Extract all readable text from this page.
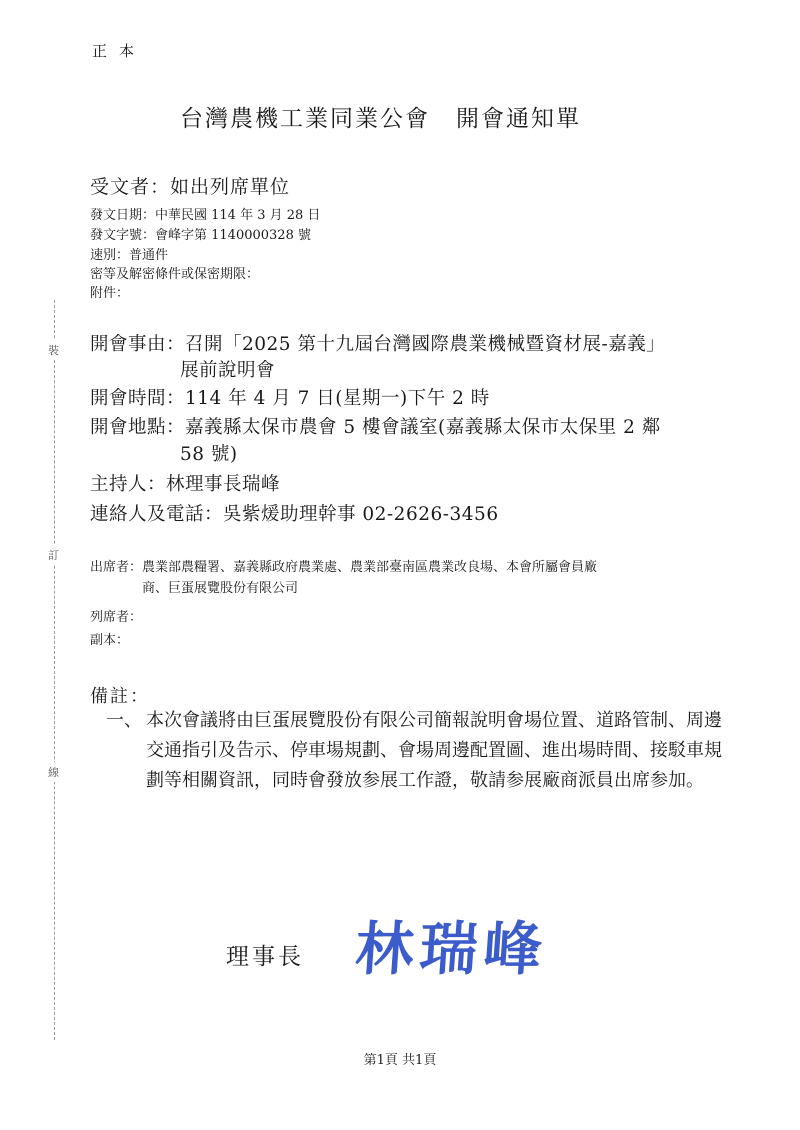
裝
訂
線
正本
台灣農機工業同業公會 開會通知單
受文者：如出列席單位
發文日期：中華民國 114 年 3 月 28 日
發文字號：會峰字第 1140000328 號
速別：普通件
密等及解密條件或保密期限：
附件：
開會事由：召開「2025 第十九屆台灣國際農業機械暨資材展-嘉義」
展前說明會
開會時間：114 年 4 月 7 日(星期一)下午 2 時
開會地點：嘉義縣太保市農會 5 樓會議室(嘉義縣太保市太保里 2 鄰
58 號)
主持人：林理事長瑞峰
連絡人及電話：吳紫煖助理幹事 02-2626-3456
出席者：農業部農糧署、嘉義縣政府農業處、農業部臺南區農業改良場、本會所屬會員廠
商、巨蛋展覽股份有限公司
列席者：
副本：
備註：
一、 本次會議將由巨蛋展覽股份有限公司簡報說明會場位置、道路管制、周邊交通指引及告示、停車場規劃、會場周邊配置圖、進出場時間、接駁車規劃等相關資訊，同時會發放参展工作證，敬請参展廠商派員出席参加。
理事長 林瑞峰
第1頁 共1頁
